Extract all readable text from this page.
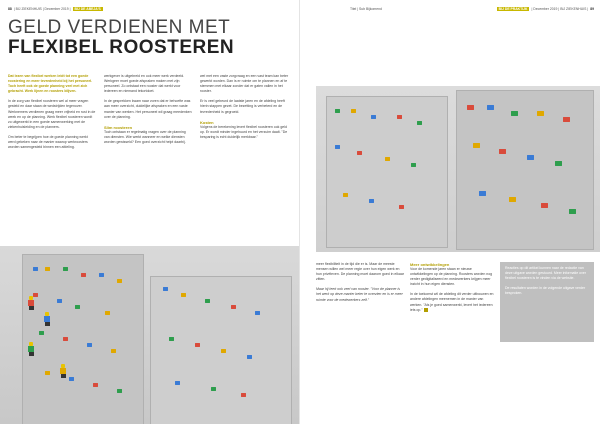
88 | BIJ ZIEKENHUIS | December 2019 |	BIJ DE ABEJA'S
GELD VERDIENEN MET
FLEXIBEL ROOSTEREN

Dat lezen van flexibel werken leidt tot een goede roostering en meer tevredenheid bij het personeel. Toch heeft ook de goede planning veel met zich gebracht. Werk lijnen en roosters blijven.

In de zorg van flexibel roosteren wel al meer vragen gesteld en daar staan de wedstrijden tegenover. Werknemers verdienen graag meer vrijheid en rust in de week en op de planning. Werk flexibel roosteren wordt zo uitgewerkt in een goede samenwerking met de ziekenhuisleiding en de planners.

Om beter te begrijpen hoe de goede planning werkt werd gekeken naar de manier waarop werkroosters worden samengesteld binnen een afdeling.

werkgever is uitgebreid en ook meer werk verdeeld. Werkgeer moet goede afspraken maken met zijn personeel. Zo ontstaat een rooster dat werkt voor iedereen en niemand tekortdoet.

In de gesprekken kwam naar voren dat er behoefte was aan meer overzicht, duidelijke afspraken en een vaste manier van werken. Het personeel wil graag meedenken over de planning.

Slim roosteren

Toch ontstaan er regelmatig vragen over de planning van diensten. Wie werkt wanneer en welke diensten worden gewisseld? Een goed overzicht helpt daarbij.

wel met een vaste zorgvraag en een vast team kan beter gewerkt worden. Dan is er ruimte om te plannen en af te stemmen met elkaar zonder dat er gaten vallen in het rooster.

Er is veel gebeurd de laatste jaren en de afdeling heeft hierin stappen gezet. De bezetting is verbeterd en de tevredenheid is gegroeid.

Kosten

Volgens de berekening levert flexibel roosteren ook geld op. Er wordt minder ingehuurd en het verzuim daalt. "De besparing is echt duidelijk merkbaar."

Titel | Sub Bijkomend	BIJ DE PRAKTIJK	| December 2019 | BIJ ZIEKENHUIS | 89

meer flexibiliteit in de tijd die er is. Maar de meeste mensen willen wel meer regie over hun eigen werk en hun privéleven. De planning moet daarom goed in elkaar zitten.

Maar hij leert ook veel van rooster. "Voor de planner is het werk op deze manier beter te overzien en is er meer ruimte voor de medewerkers zelf."

Meer ontwikkelingen

Voor de komende jaren staan er nieuwe ontwikkelingen op de planning. Roosters worden nog verder gedigitaliseerd en medewerkers krijgen meer inzicht in hun eigen diensten.

In de toekomst wil de afdeling dit verder uitbouwen en andere afdelingen meenemen in de manier van werken. "Als je goed samenwerkt, levert het iedereen iets op."

Reacties op dit artikel kunnen naar de redactie van deze uitgave worden gestuurd. Meer informatie over flexibel roosteren is te vinden via de website.

De resultaten worden in de volgende uitgave verder besproken.
